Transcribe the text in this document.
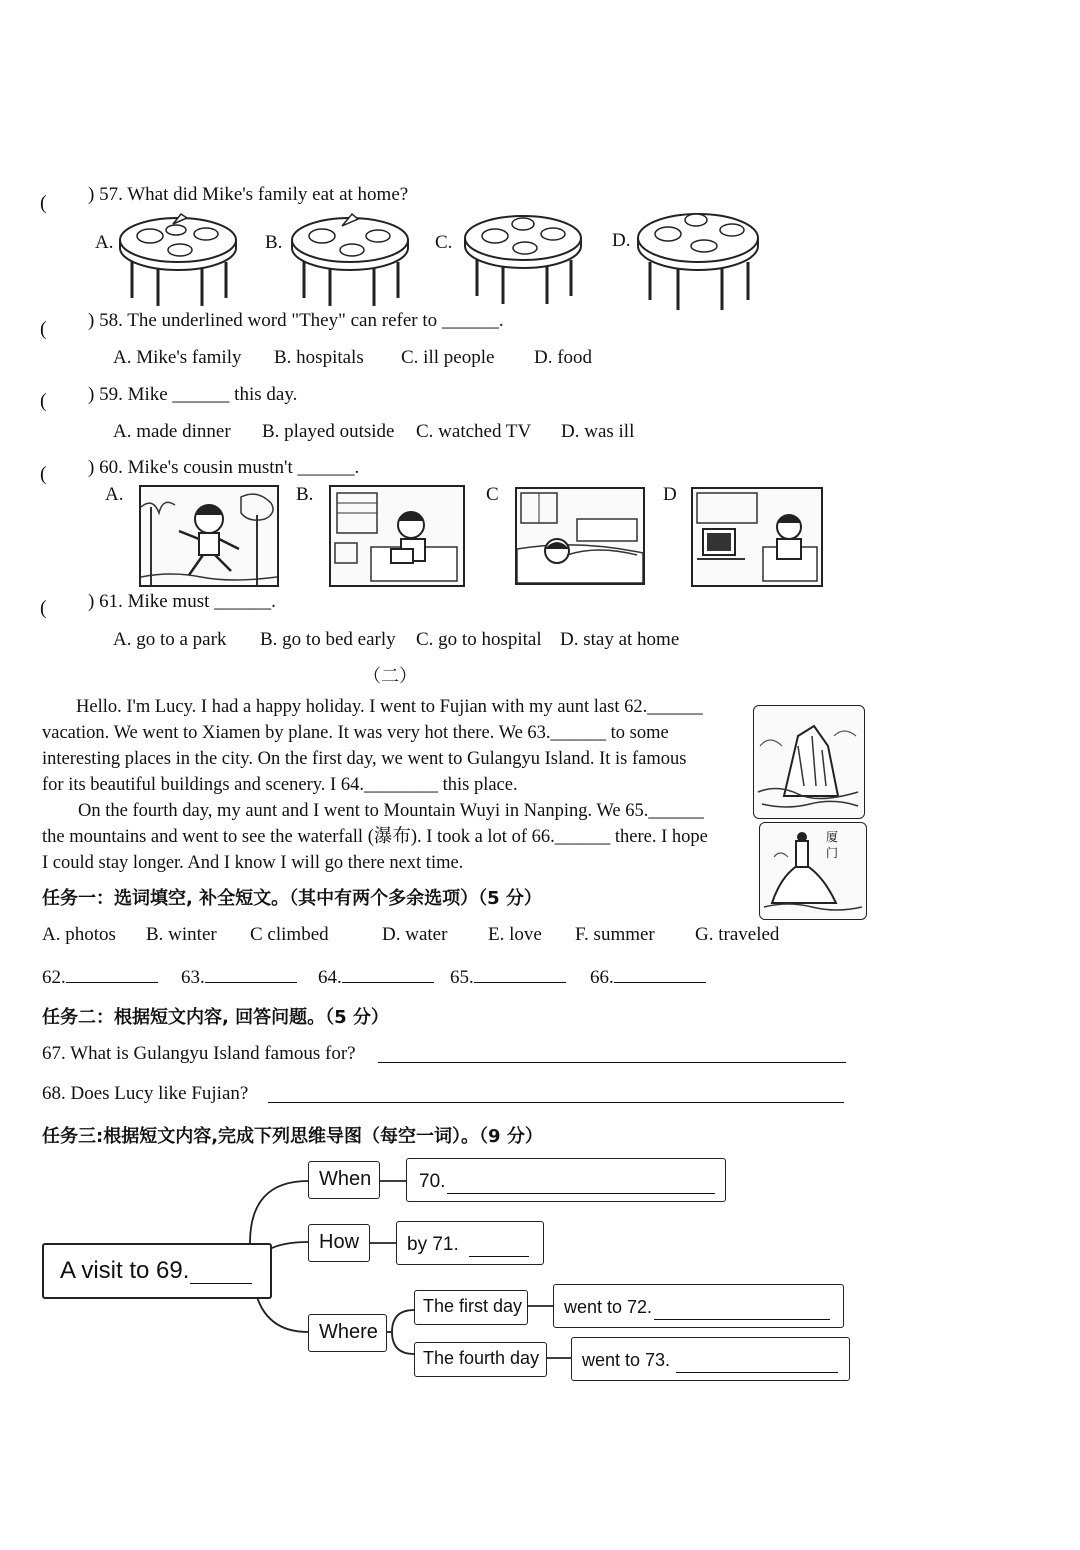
( ) 57. What did Mike's family eat at home?
A.	B.	C.	D.
( ) 58. The underlined word "They" can refer to ______.
A. Mike's family B. hospitals C. ill people D. food
( ) 59. Mike ______ this day.
A. made dinner B. played outside C. watched TV D. was ill
( ) 60. Mike's cousin mustn't ______.
A.	B.	C	D
( ) 61. Mike must ______.
A. go to a park B. go to bed early C. go to hospital D. stay at home
（二）
Hello. I'm Lucy. I had a happy holiday. I went to Fujian with my aunt last 62.______
vacation. We went to Xiamen by plane. It was very hot there. We 63.______ to some
interesting places in the city. On the first day, we went to Gulangyu Island. It is famous
for its beautiful buildings and scenery. I 64.________ this place.
On the fourth day, my aunt and I went to Mountain Wuyi in Nanping. We 65.______
the mountains and went to see the waterfall (瀑布). I took a lot of 66.______ there. I hope
I could stay longer. And I know I will go there next time.
厦门
任务一：选词填空, 补全短文。（其中有两个多余选项）（5 分）
A. photos B. winter C climbed	D. water E. love F. summer G. traveled
62.	63.	64.	65.	66.
任务二：根据短文内容, 回答问题。（5 分）
67. What is Gulangyu Island famous for?
68. Does Lucy like Fujian?
任务三:根据短文内容,完成下列思维导图（每空一词）。（9 分）
A visit to 69.
When	70.
How	by 71.
Where
The first day went to 72.
The fourth day went to 73.
